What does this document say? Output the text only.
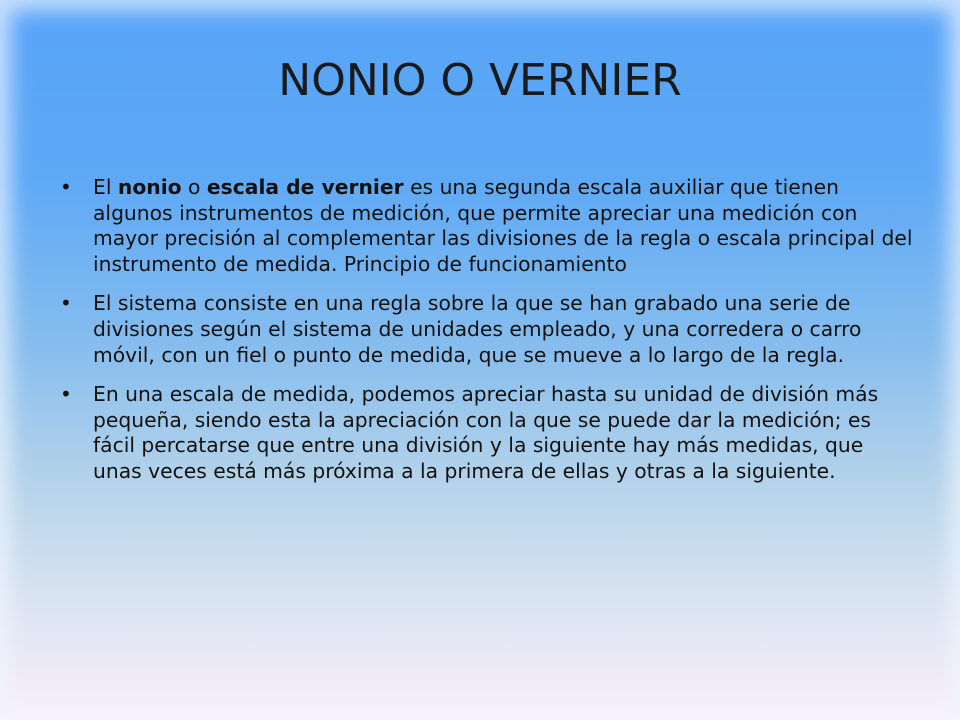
NONIO O VERNIER
• El nonio o escala de vernier es una segunda escala auxiliar que tienen algunos instrumentos de medición, que permite apreciar una medición con mayor precisión al complementar las divisiones de la regla o escala principal del instrumento de medida. Principio de funcionamiento
• El sistema consiste en una regla sobre la que se han grabado una serie de divisiones según el sistema de unidades empleado, y una corredera o carro móvil, con un fiel o punto de medida, que se mueve a lo largo de la regla.
• En una escala de medida, podemos apreciar hasta su unidad de división más pequeña, siendo esta la apreciación con la que se puede dar la medición; es fácil percatarse que entre una división y la siguiente hay más medidas, que unas veces está más próxima a la primera de ellas y otras a la siguiente.
